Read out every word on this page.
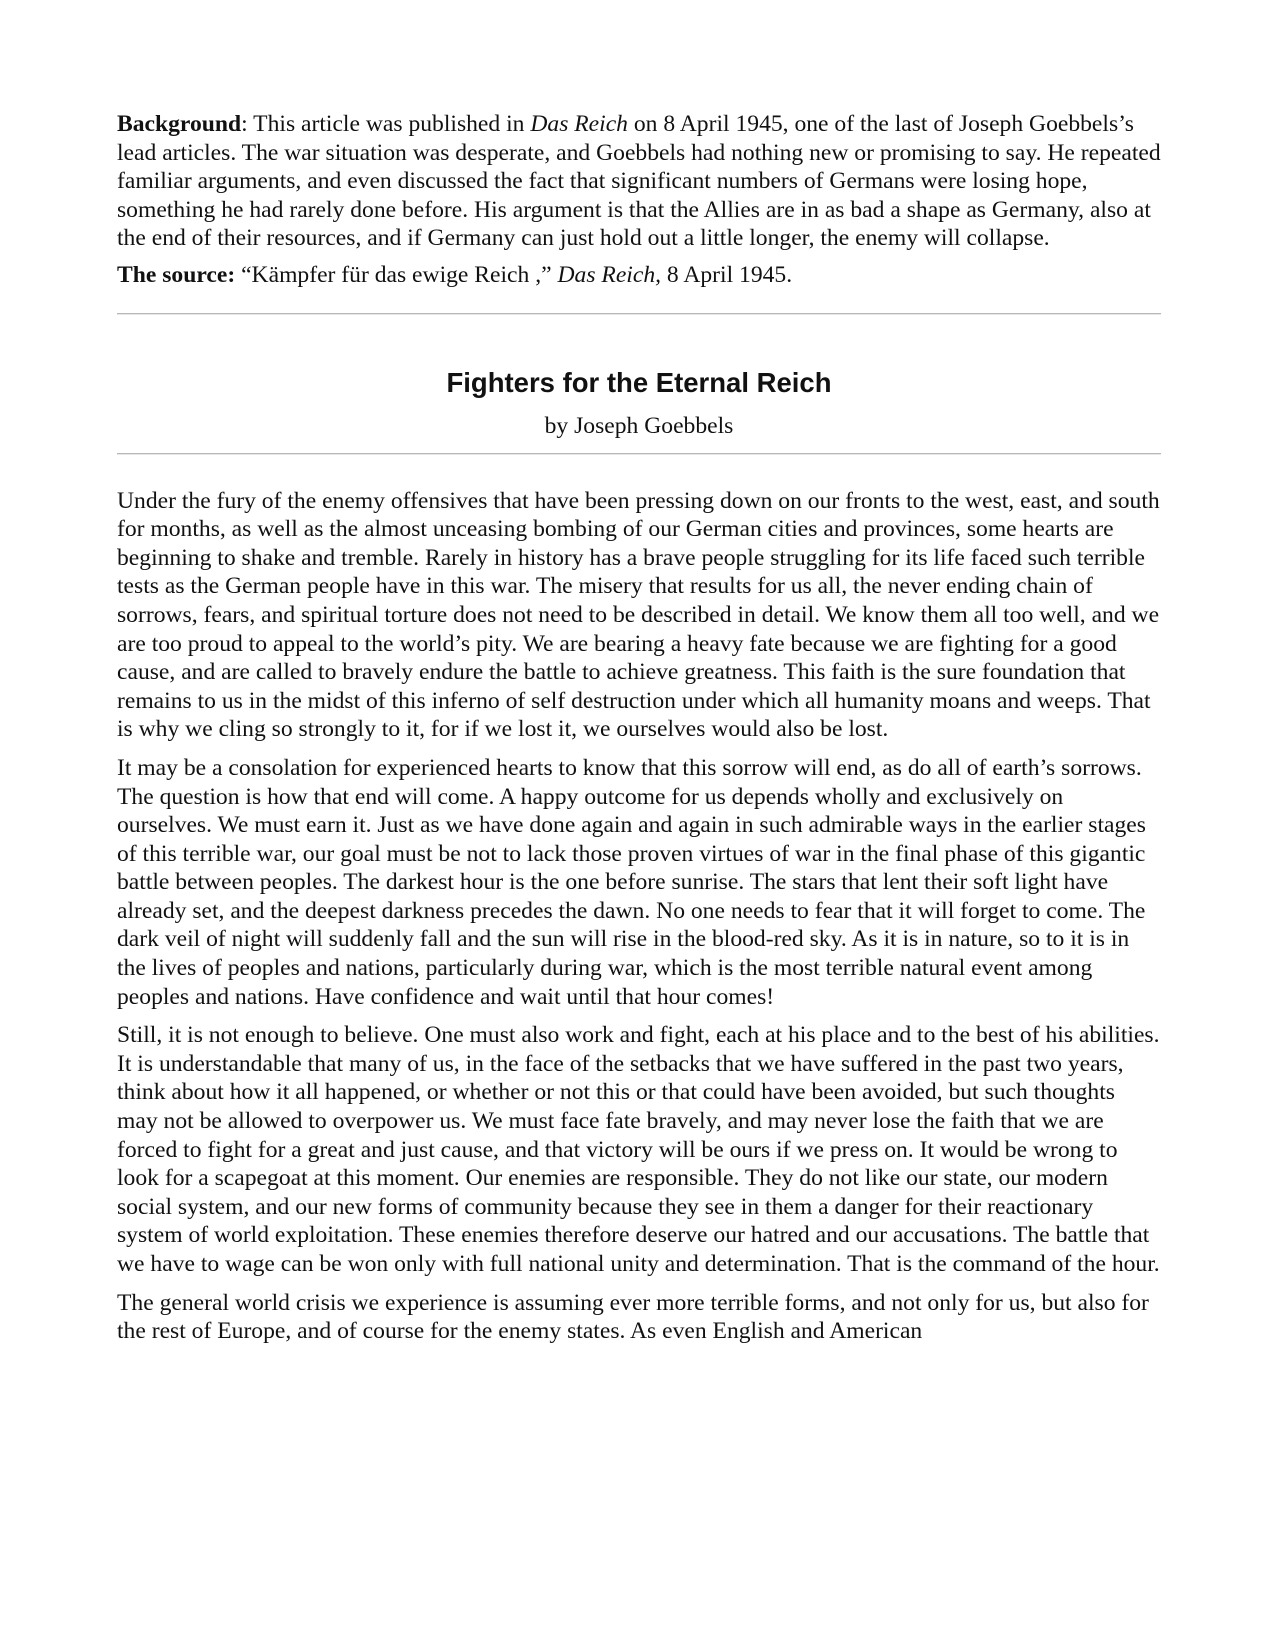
Background: This article was published in Das Reich on 8 April 1945, one of the last of Joseph Goebbels’s lead articles. The war situation was desperate, and Goebbels had nothing new or promising to say. He repeated familiar arguments, and even discussed the fact that significant numbers of Germans were losing hope, something he had rarely done before. His argument is that the Allies are in as bad a shape as Germany, also at the end of their resources, and if Germany can just hold out a little longer, the enemy will collapse.

The source: “Kämpfer für das ewige Reich ,” Das Reich, 8 April 1945.

Fighters for the Eternal Reich
by Joseph Goebbels

Under the fury of the enemy offensives that have been pressing down on our fronts to the west, east, and south for months, as well as the almost unceasing bombing of our German cities and provinces, some hearts are beginning to shake and tremble. Rarely in history has a brave people struggling for its life faced such terrible tests as the German people have in this war. The misery that results for us all, the never ending chain of sorrows, fears, and spiritual torture does not need to be described in detail. We know them all too well, and we are too proud to appeal to the world’s pity. We are bearing a heavy fate because we are fighting for a good cause, and are called to bravely endure the battle to achieve greatness. This faith is the sure foundation that remains to us in the midst of this inferno of self destruction under which all humanity moans and weeps. That is why we cling so strongly to it, for if we lost it, we ourselves would also be lost.

It may be a consolation for experienced hearts to know that this sorrow will end, as do all of earth’s sorrows. The question is how that end will come. A happy outcome for us depends wholly and exclusively on ourselves. We must earn it. Just as we have done again and again in such admirable ways in the earlier stages of this terrible war, our goal must be not to lack those proven virtues of war in the final phase of this gigantic battle between peoples. The darkest hour is the one before sunrise. The stars that lent their soft light have already set, and the deepest darkness precedes the dawn. No one needs to fear that it will forget to come. The dark veil of night will suddenly fall and the sun will rise in the blood-red sky. As it is in nature, so to it is in the lives of peoples and nations, particularly during war, which is the most terrible natural event among peoples and nations. Have confidence and wait until that hour comes!

Still, it is not enough to believe. One must also work and fight, each at his place and to the best of his abilities. It is understandable that many of us, in the face of the setbacks that we have suffered in the past two years, think about how it all happened, or whether or not this or that could have been avoided, but such thoughts may not be allowed to overpower us. We must face fate bravely, and may never lose the faith that we are forced to fight for a great and just cause, and that victory will be ours if we press on. It would be wrong to look for a scapegoat at this moment. Our enemies are responsible. They do not like our state, our modern social system, and our new forms of community because they see in them a danger for their reactionary system of world exploitation. These enemies therefore deserve our hatred and our accusations. The battle that we have to wage can be won only with full national unity and determination. That is the command of the hour.

The general world crisis we experience is assuming ever more terrible forms, and not only for us, but also for the rest of Europe, and of course for the enemy states. As even English and American
